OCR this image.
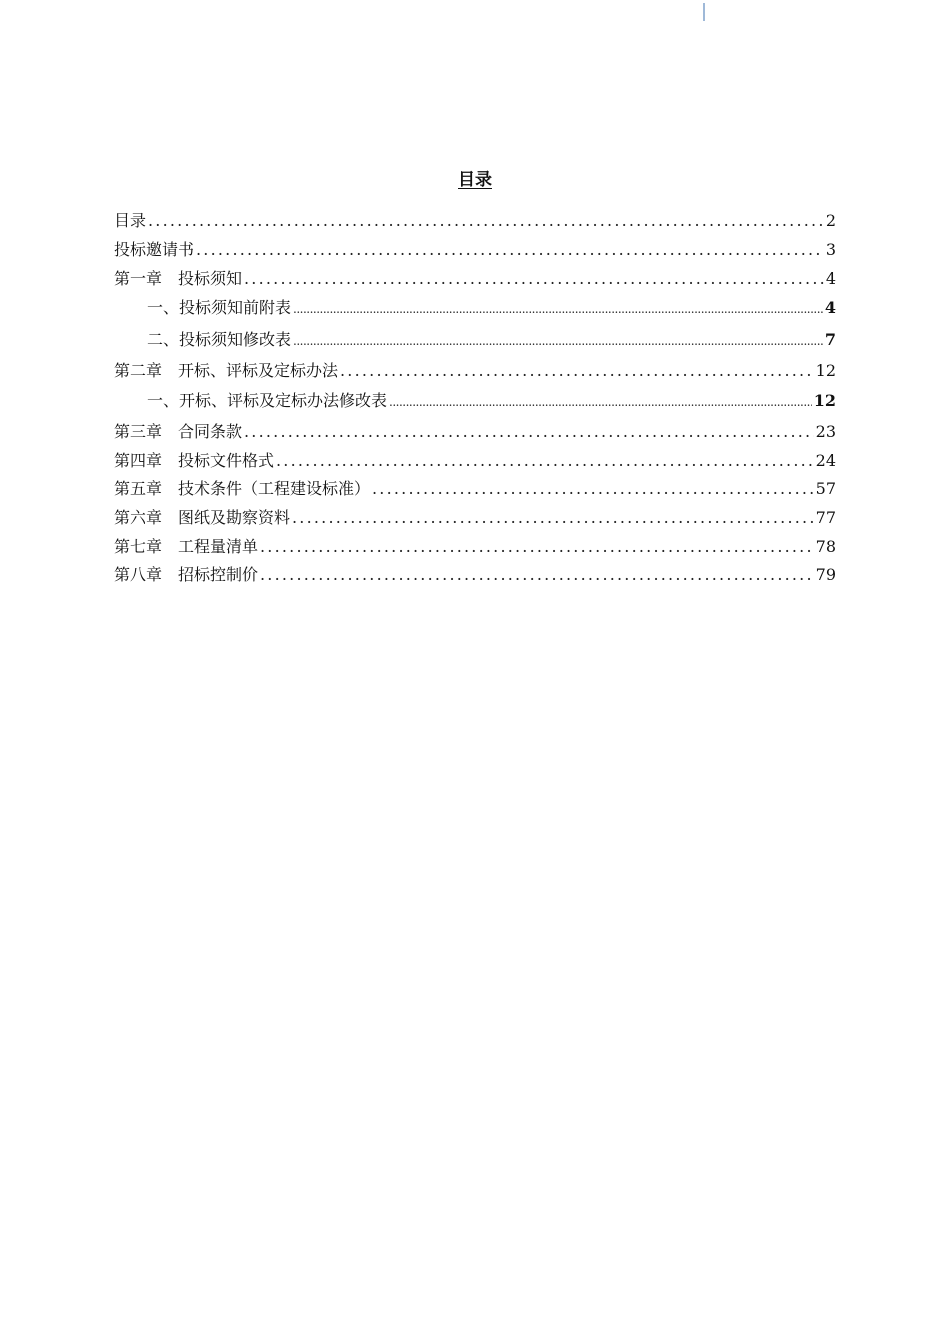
目录
目录 .....	2
投标邀请书 .....	3
第一章　投标须知 .....	4
一、投标须知前附表 .....	4
二、投标须知修改表 .....	7
第二章　开标、评标及定标办法 .....	12
一、开标、评标及定标办法修改表 .....	12
第三章　合同条款 .....	23
第四章　投标文件格式 .....	24
第五章　技术条件（工程建设标准） .....	57
第六章　图纸及勘察资料 .....	77
第七章　工程量清单 .....	78
第八章　招标控制价 .....	79
